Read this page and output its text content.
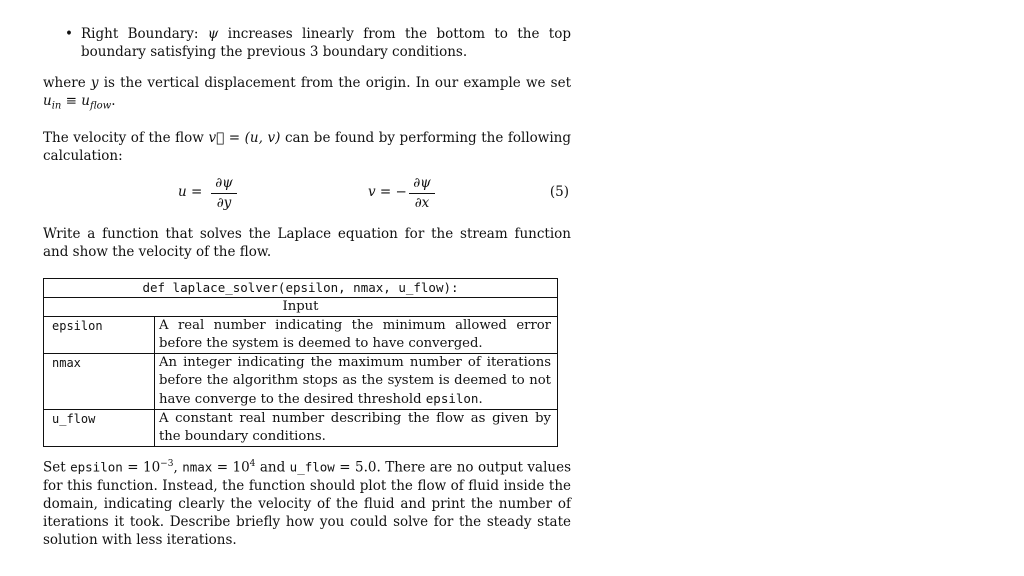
• Right Boundary: ψ increases linearly from the bottom to the top boundary satisfying the previous 3 boundary conditions.
where y is the vertical displacement from the origin. In our example we set $u_{in} \equiv u_{flow}$.
The velocity of the flow v⃗ = (u, v) can be found by performing the following calculation:
u =
∂ψ
∂y
v = −
∂ψ
∂x
(5)
Write a function that solves the Laplace equation for the stream function and show the velocity of the flow.
def laplace_solver(epsilon, nmax, u_flow):	
Input	
epsilon	A real number indicating the minimum allowed error before the system is deemed to have converged.
nmax	An integer indicating the maximum number of iterations before the algorithm stops as the system is deemed to not have converge to the desired threshold epsilon.
u_flow	A constant real number describing the flow as given by the boundary conditions.
Set epsilon = $10^{-3}$, $nmax = 10^4$ and u_flow = 5.0. There are no output values for this function. Instead, the function should plot the flow of fluid inside the domain, indicating clearly the velocity of the fluid and print the number of iterations it took. Describe briefly how you could solve for the steady state solution with less iterations.
